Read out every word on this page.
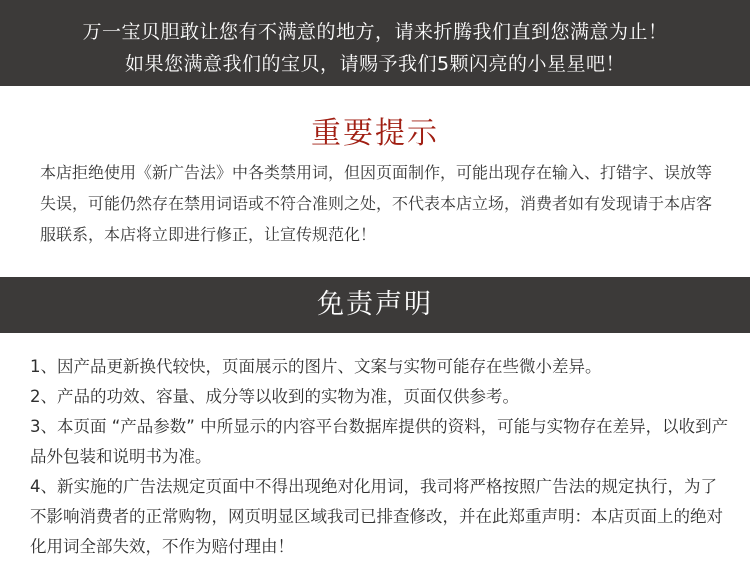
万一宝贝胆敢让您有不满意的地方，请来折腾我们直到您满意为止！
如果您满意我们的宝贝，请赐予我们5颗闪亮的小星星吧！
重要提示
本店拒绝使用《新广告法》中各类禁用词，但因页面制作，可能出现存在输入、打错字、误放等失误，可能仍然存在禁用词语或不符合准则之处，不代表本店立场，消费者如有发现请于本店客服联系，本店将立即进行修正，让宣传规范化！
免责声明

1、因产品更新换代较快，页面展示的图片、文案与实物可能存在些微小差异。

2、产品的功效、容量、成分等以收到的实物为准，页面仅供参考。

3、本页面 “产品参数” 中所显示的内容平台数据库提供的资料，可能与实物存在差异，以收到产品外包装和说明书为准。

4、新实施的广告法规定页面中不得出现绝对化用词，我司将严格按照广告法的规定执行，为了不影响消费者的正常购物，网页明显区域我司已排查修改，并在此郑重声明：本店页面上的绝对化用词全部失效，不作为赔付理由！
